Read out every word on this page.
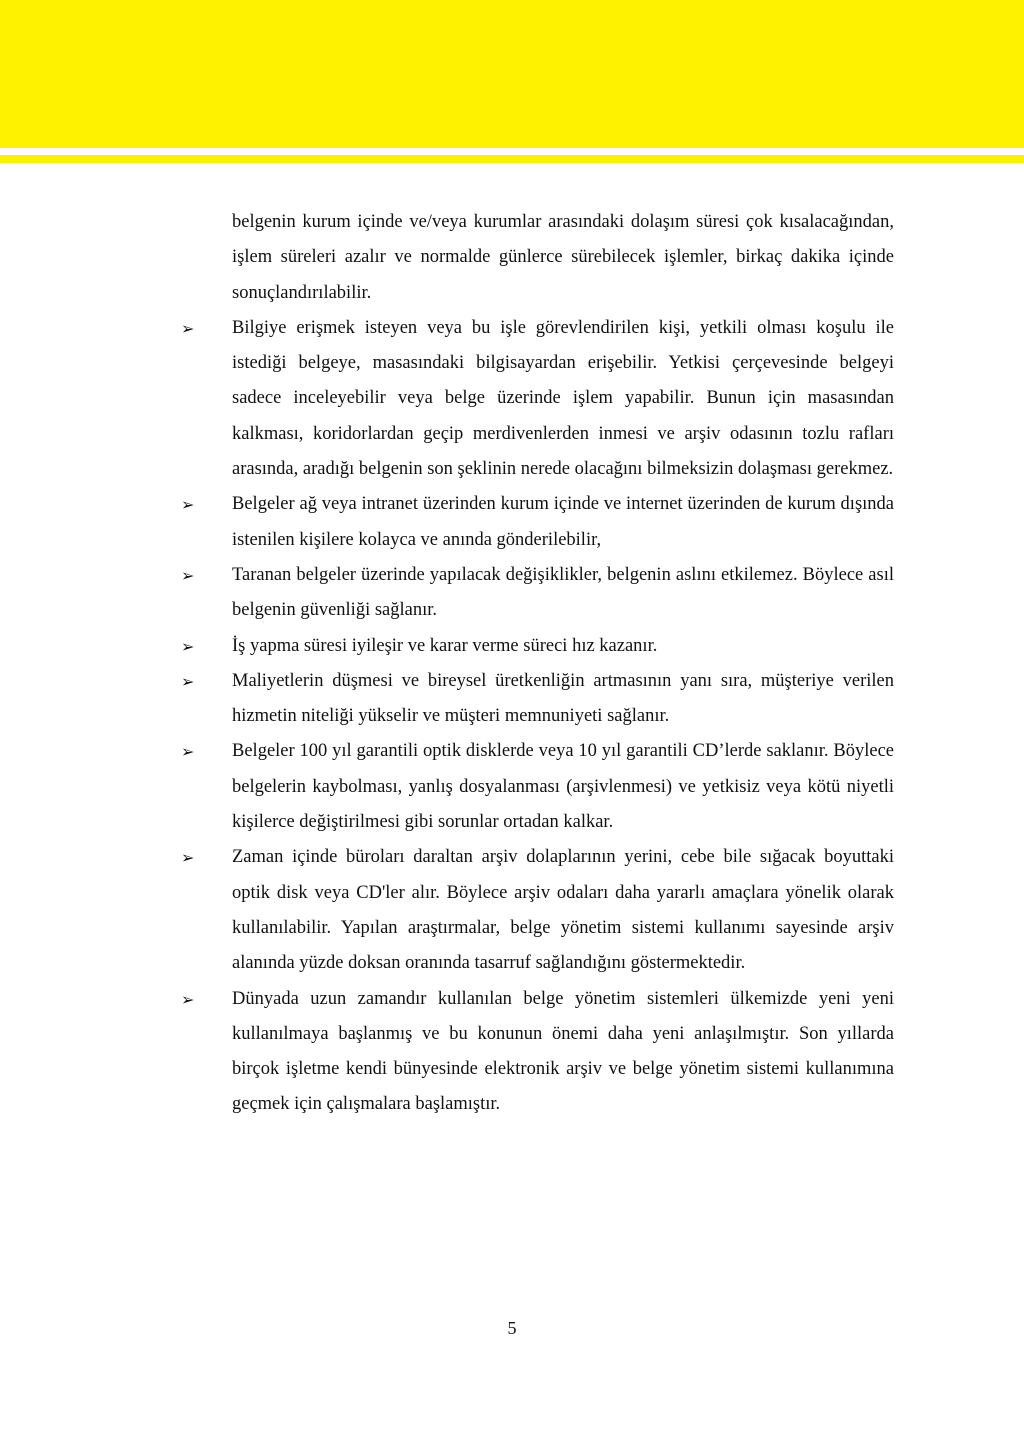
belgenin kurum içinde ve/veya kurumlar arasındaki dolaşım süresi çok kısalacağından, işlem süreleri azalır ve normalde günlerce sürebilecek işlemler, birkaç dakika içinde sonuçlandırılabilir.

➢ Bilgiye erişmek isteyen veya bu işle görevlendirilen kişi, yetkili olması koşulu ile istediği belgeye, masasındaki bilgisayardan erişebilir. Yetkisi çerçevesinde belgeyi sadece inceleyebilir veya belge üzerinde işlem yapabilir. Bunun için masasından kalkması, koridorlardan geçip merdivenlerden inmesi ve arşiv odasının tozlu rafları arasında, aradığı belgenin son şeklinin nerede olacağını bilmeksizin dolaşması gerekmez.
➢ Belgeler ağ veya intranet üzerinden kurum içinde ve internet üzerinden de kurum dışında istenilen kişilere kolayca ve anında gönderilebilir,
➢ Taranan belgeler üzerinde yapılacak değişiklikler, belgenin aslını etkilemez. Böylece asıl belgenin güvenliği sağlanır.
➢ İş yapma süresi iyileşir ve karar verme süreci hız kazanır.
➢ Maliyetlerin düşmesi ve bireysel üretkenliğin artmasının yanı sıra, müşteriye verilen hizmetin niteliği yükselir ve müşteri memnuniyeti sağlanır.
➢ Belgeler 100 yıl garantili optik disklerde veya 10 yıl garantili CD’lerde saklanır. Böylece belgelerin kaybolması, yanlış dosyalanması (arşivlenmesi) ve yetkisiz veya kötü niyetli kişilerce değiştirilmesi gibi sorunlar ortadan kalkar.
➢ Zaman içinde büroları daraltan arşiv dolaplarının yerini, cebe bile sığacak boyuttaki optik disk veya CD'ler alır. Böylece arşiv odaları daha yararlı amaçlara yönelik olarak kullanılabilir. Yapılan araştırmalar, belge yönetim sistemi kullanımı sayesinde arşiv alanında yüzde doksan oranında tasarruf sağlandığını göstermektedir.
➢ Dünyada uzun zamandır kullanılan belge yönetim sistemleri ülkemizde yeni yeni kullanılmaya başlanmış ve bu konunun önemi daha yeni anlaşılmıştır. Son yıllarda birçok işletme kendi bünyesinde elektronik arşiv ve belge yönetim sistemi kullanımına geçmek için çalışmalara başlamıştır.
5
